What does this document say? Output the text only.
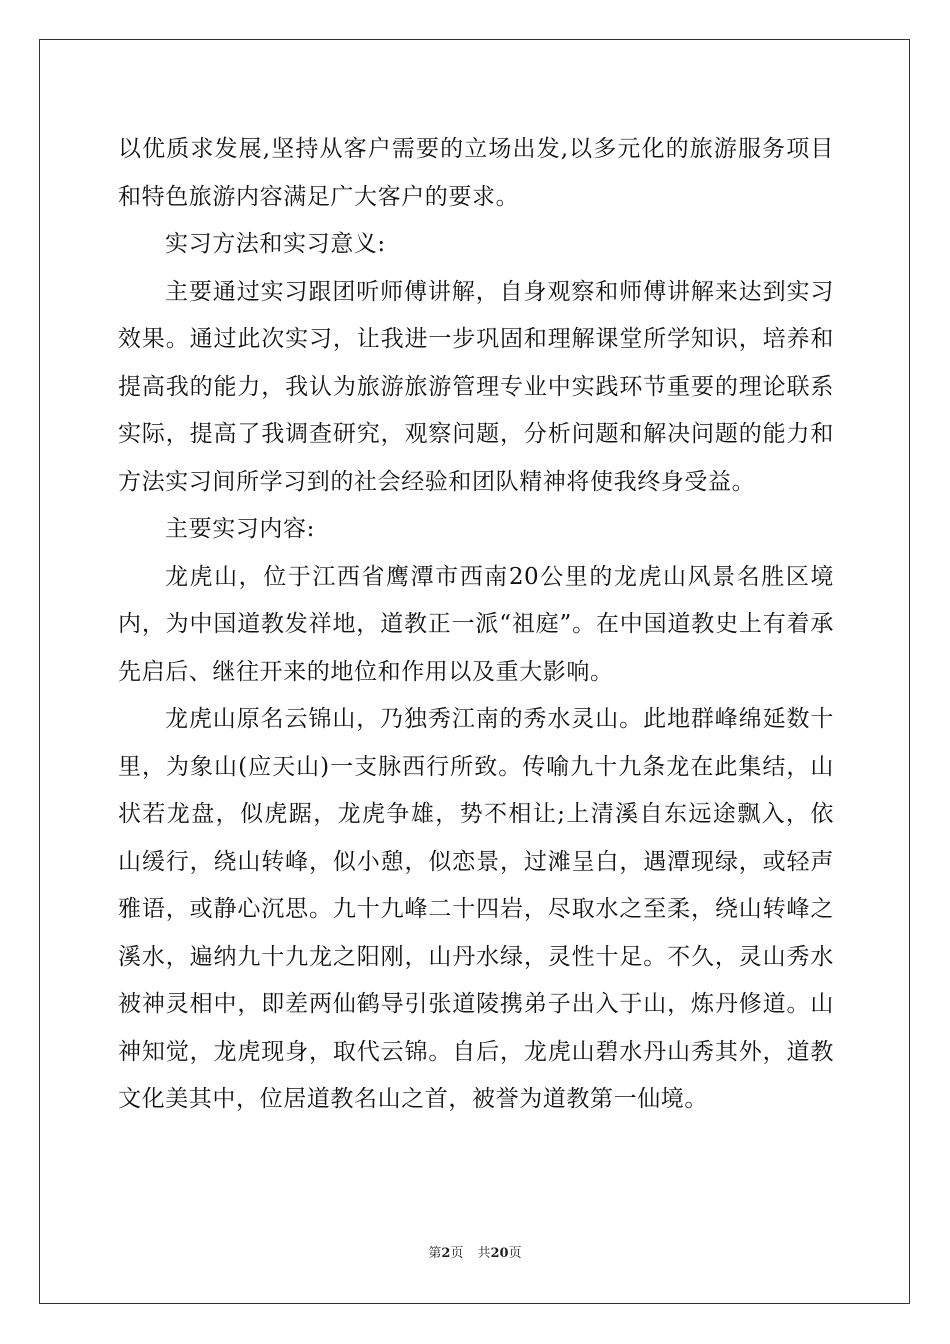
以优质求发展,坚持从客户需要的立场出发,以多元化的旅游服务项目和特色旅游内容满足广大客户的要求。

实习方法和实习意义:

主要通过实习跟团听师傅讲解，自身观察和师傅讲解来达到实习效果。通过此次实习，让我进一步巩固和理解课堂所学知识，培养和提高我的能力，我认为旅游旅游管理专业中实践环节重要的理论联系实际，提高了我调查研究，观察问题，分析问题和解决问题的能力和方法实习间所学习到的社会经验和团队精神将使我终身受益。

主要实习内容:

龙虎山，位于江西省鹰潭市西南20公里的龙虎山风景名胜区境内，为中国道教发祥地，道教正一派“祖庭”。在中国道教史上有着承先启后、继往开来的地位和作用以及重大影响。

龙虎山原名云锦山，乃独秀江南的秀水灵山。此地群峰绵延数十里，为象山(应天山)一支脉西行所致。传喻九十九条龙在此集结，山状若龙盘，似虎踞，龙虎争雄，势不相让;上清溪自东远途飘入，依山缓行，绕山转峰，似小憩，似恋景，过滩呈白，遇潭现绿，或轻声雅语，或静心沉思。九十九峰二十四岩，尽取水之至柔，绕山转峰之溪水，遍纳九十九龙之阳刚，山丹水绿，灵性十足。不久，灵山秀水被神灵相中，即差两仙鹤导引张道陵携弟子出入于山，炼丹修道。山神知觉，龙虎现身，取代云锦。自后，龙虎山碧水丹山秀其外，道教文化美其中，位居道教名山之首，被誉为道教第一仙境。

第2页 共20页
